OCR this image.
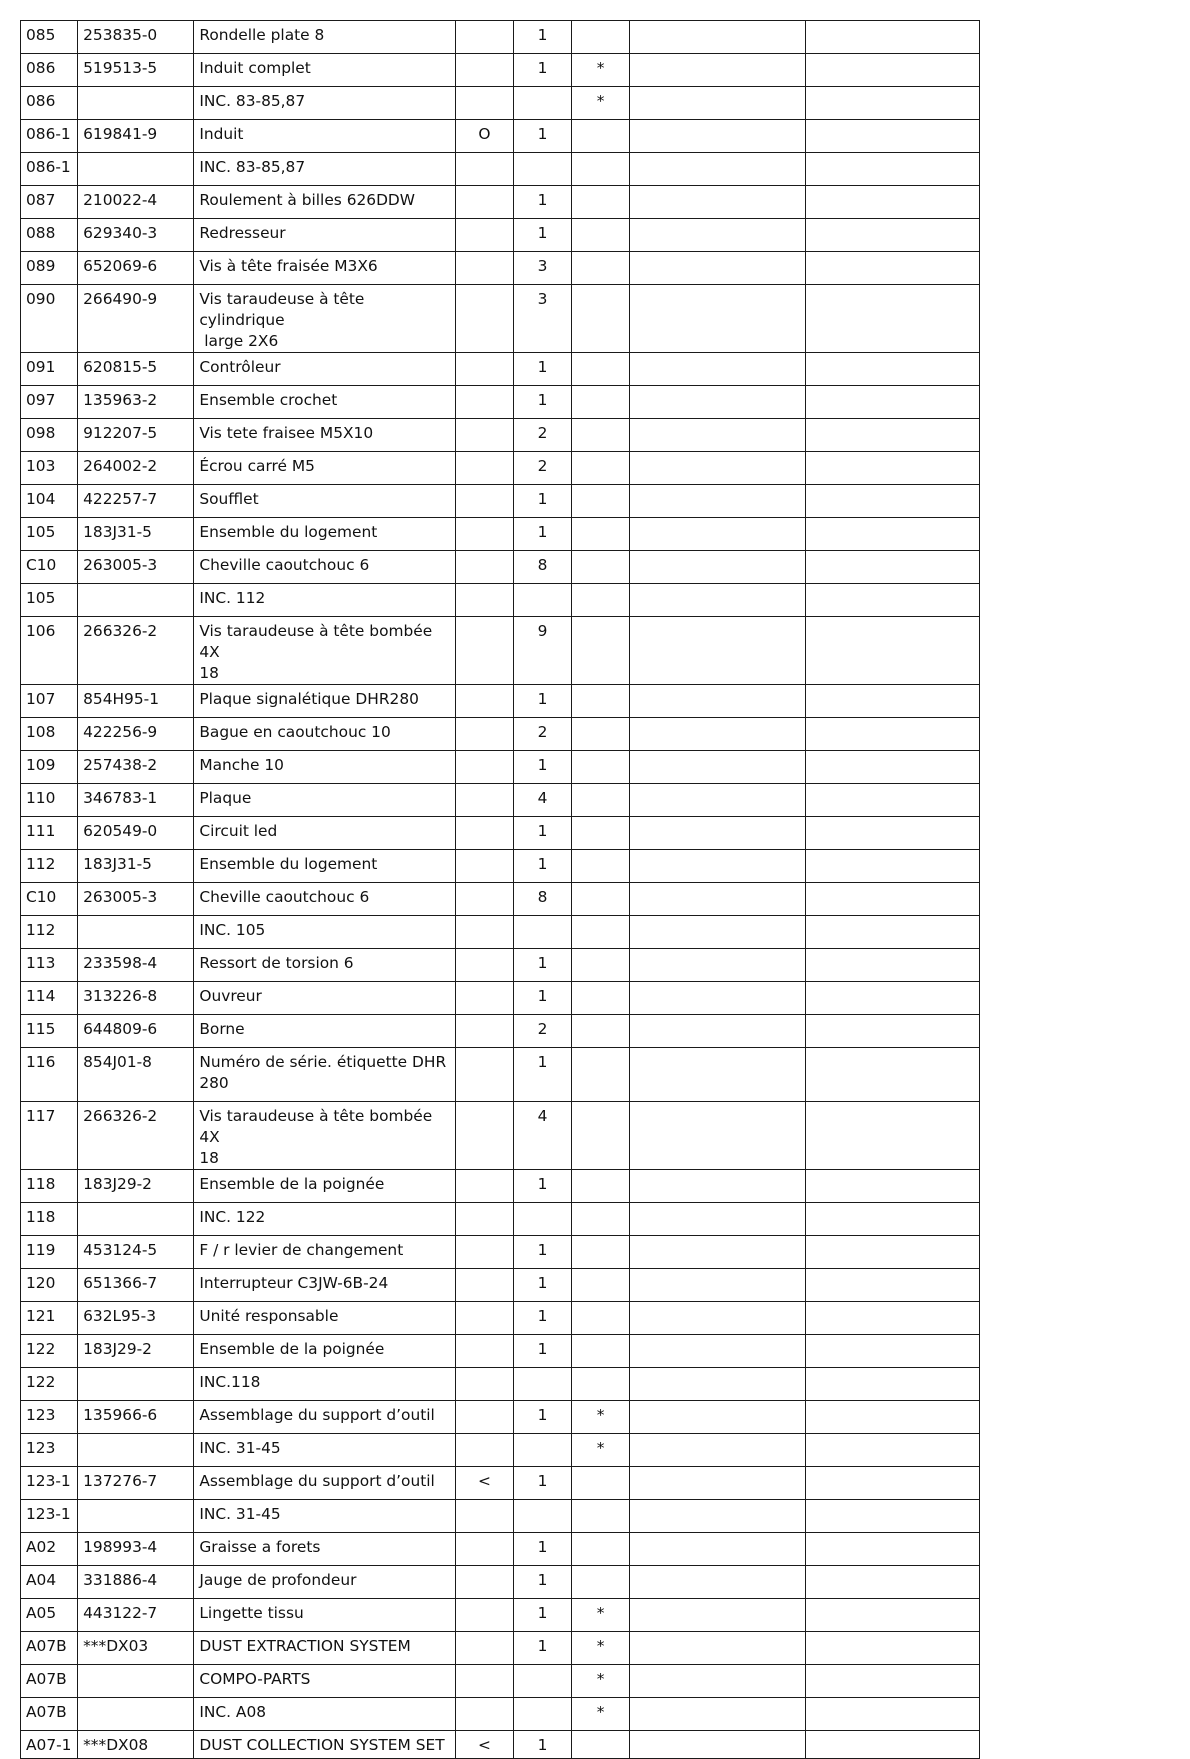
085	253835-0	Rondelle plate 8		1			
086	519513-5	Induit complet		1	*		
086		INC. 83-85,87			*		
086-1	619841-9	Induit	O	1			
086-1		INC. 83-85,87					
087	210022-4	Roulement à billes 626DDW		1			
088	629340-3	Redresseur		1			
089	652069-6	Vis à tête fraisée M3X6		3			
090	266490-9	Vis taraudeuse à tête cylindrique
large 2X6		3			
091	620815-5	Contrôleur		1			
097	135963-2	Ensemble crochet		1			
098	912207-5	Vis tete fraisee M5X10		2			
103	264002-2	Écrou carré M5		2			
104	422257-7	Soufflet		1			
105	183J31-5	Ensemble du logement		1			
C10	263005-3	Cheville caoutchouc 6		8			
105		INC. 112					
106	266326-2	Vis taraudeuse à tête bombée 4X
18		9			
107	854H95-1	Plaque signalétique DHR280		1			
108	422256-9	Bague en caoutchouc 10		2			
109	257438-2	Manche 10		1			
110	346783-1	Plaque		4			
111	620549-0	Circuit led		1			
112	183J31-5	Ensemble du logement		1			
C10	263005-3	Cheville caoutchouc 6		8			
112		INC. 105					
113	233598-4	Ressort de torsion 6		1			
114	313226-8	Ouvreur		1			
115	644809-6	Borne		2			
116	854J01-8	Numéro de série. étiquette DHR
280		1			
117	266326-2	Vis taraudeuse à tête bombée 4X
18		4			
118	183J29-2	Ensemble de la poignée		1			
118		INC. 122					
119	453124-5	F / r levier de changement		1			
120	651366-7	Interrupteur C3JW-6B-24		1			
121	632L95-3	Unité responsable		1			
122	183J29-2	Ensemble de la poignée		1			
122		INC.118					
123	135966-6	Assemblage du support d’outil		1	*		
123		INC. 31-45			*		
123-1	137276-7	Assemblage du support d’outil	<	1			
123-1		INC. 31-45					
A02	198993-4	Graisse a forets		1			
A04	331886-4	Jauge de profondeur		1			
A05	443122-7	Lingette tissu		1	*		
A07B	***DX03	DUST EXTRACTION SYSTEM		1	*		
A07B		COMPO-PARTS			*		
A07B		INC. A08			*		
A07-1	***DX08	DUST COLLECTION SYSTEM SET	<	1			
